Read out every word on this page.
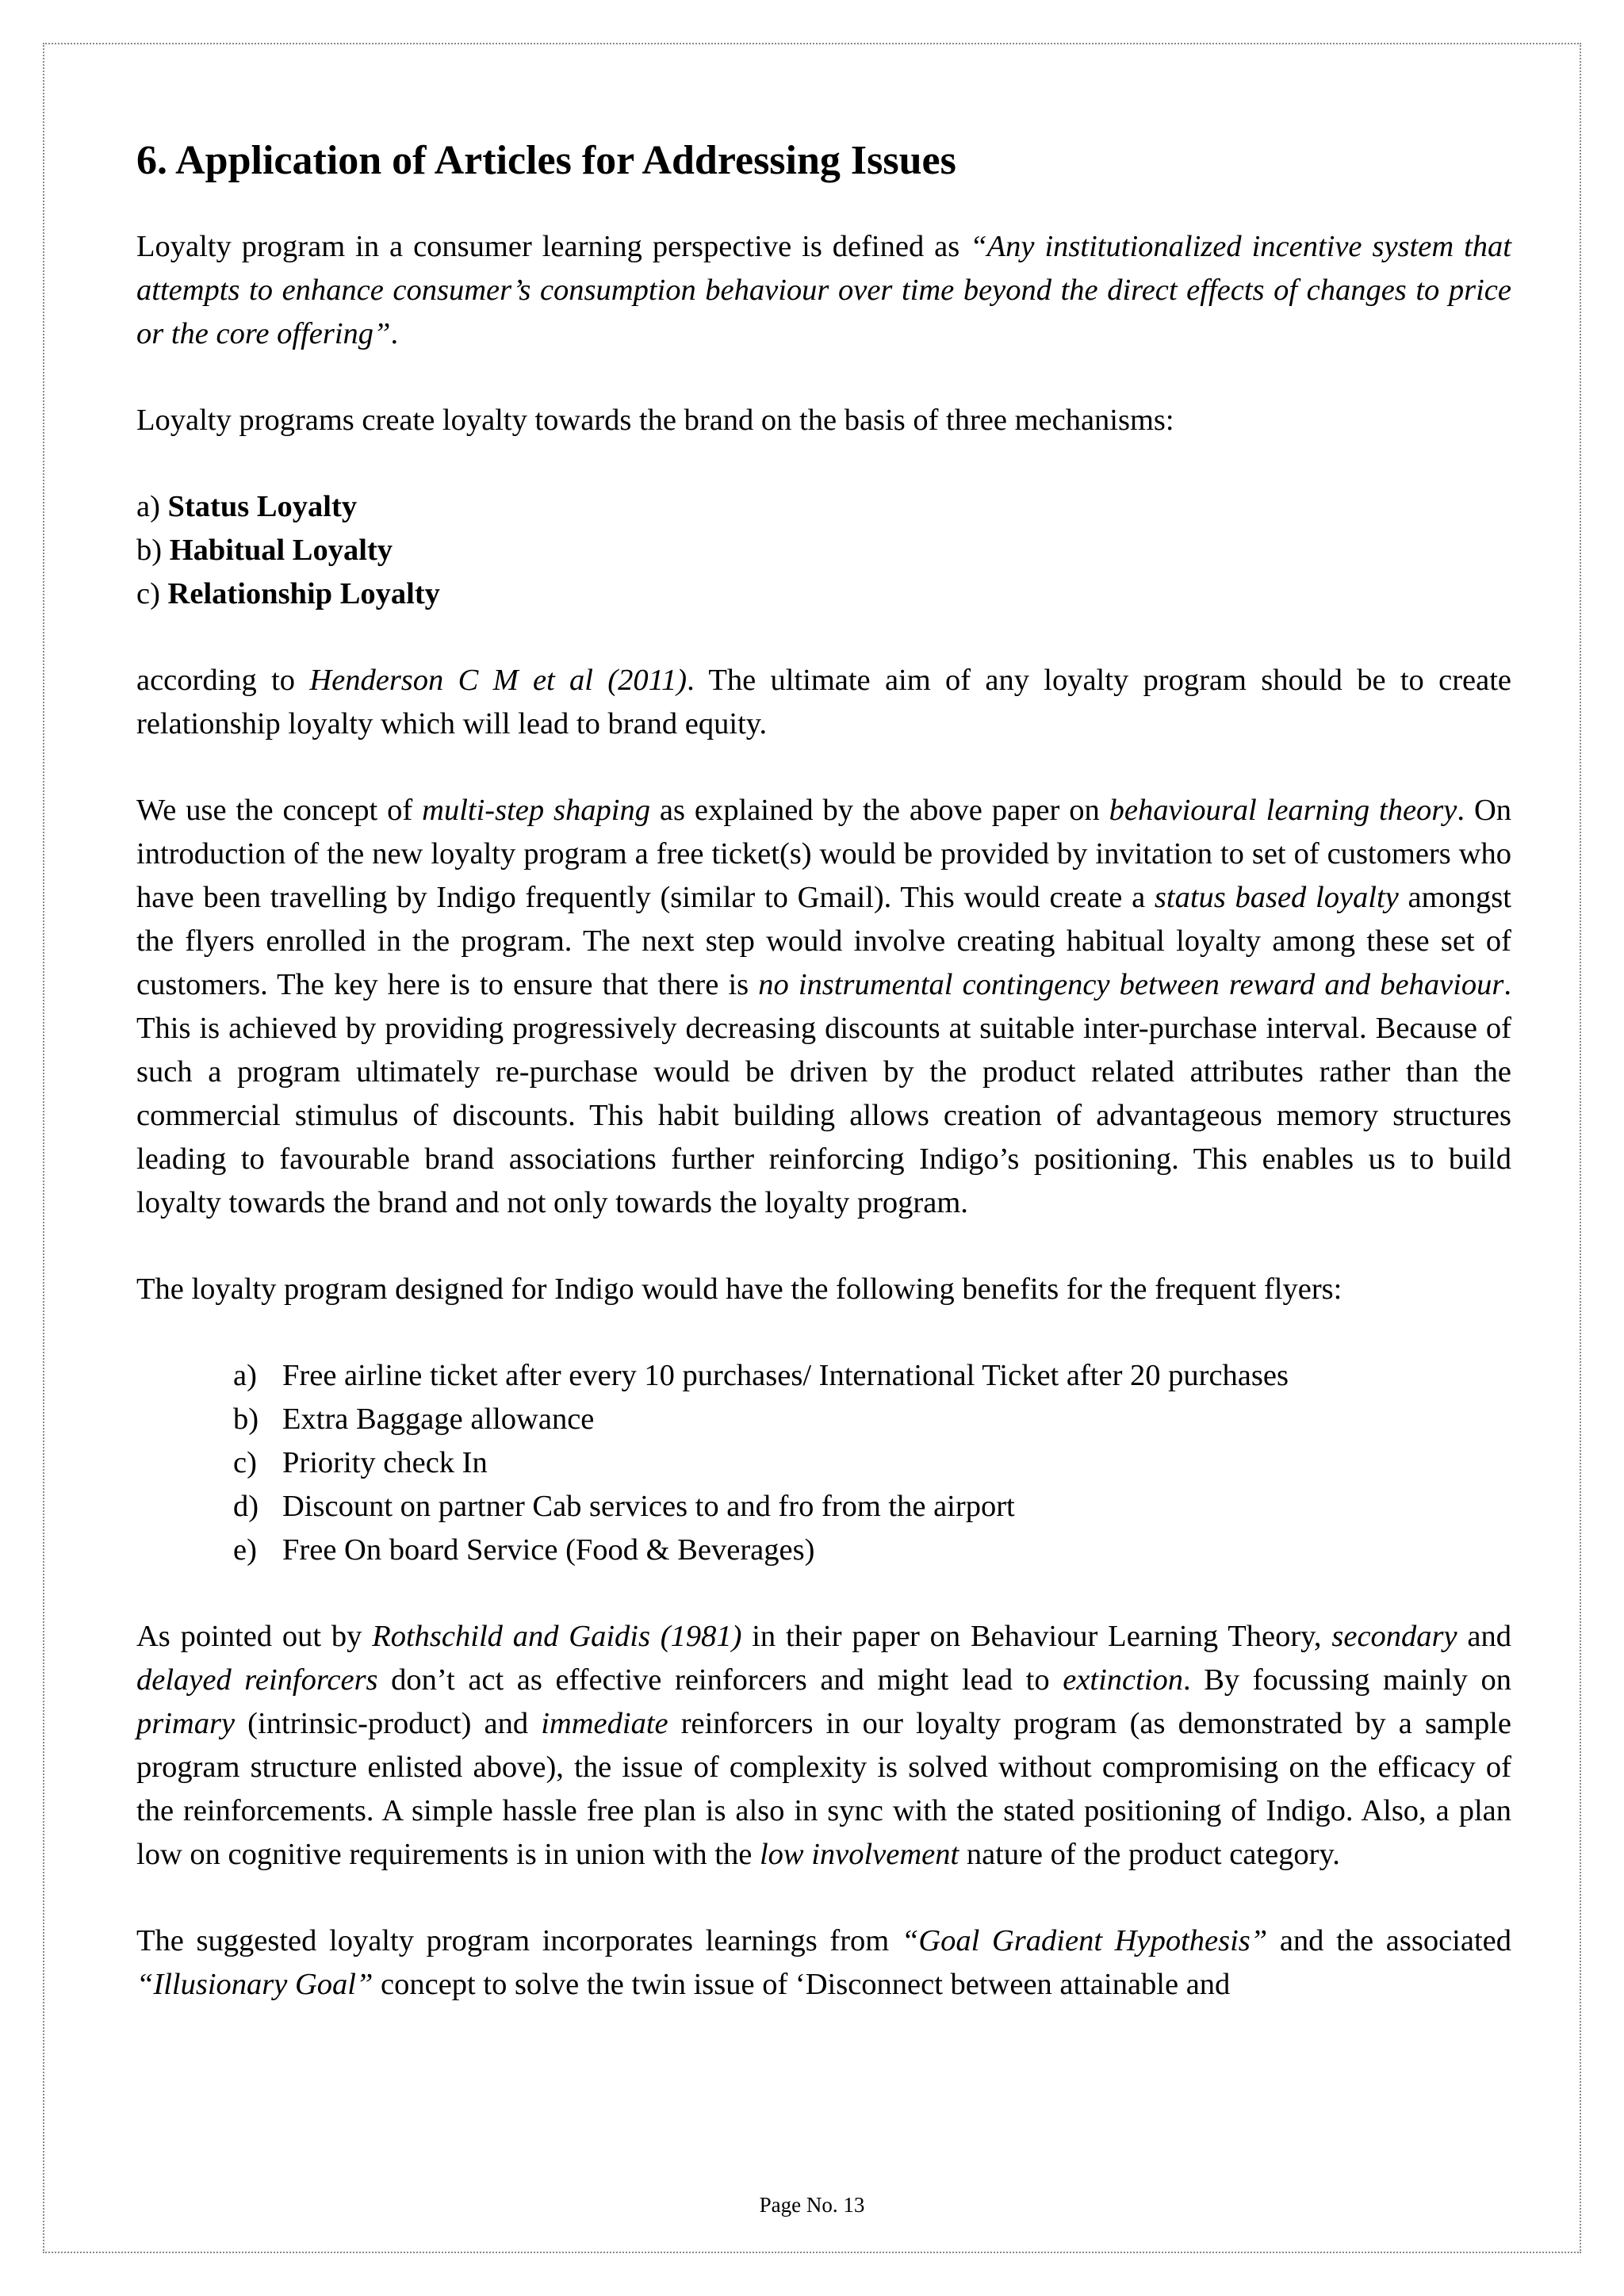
6. Application of Articles for Addressing Issues

Loyalty program in a consumer learning perspective is defined as “Any institutionalized incentive system that attempts to enhance consumer’s consumption behaviour over time beyond the direct effects of changes to price or the core offering”.

Loyalty programs create loyalty towards the brand on the basis of three mechanisms:

a) Status Loyalty
b) Habitual Loyalty
c) Relationship Loyalty

according to Henderson C M et al (2011). The ultimate aim of any loyalty program should be to create relationship loyalty which will lead to brand equity.

We use the concept of multi-step shaping as explained by the above paper on behavioural learning theory. On introduction of the new loyalty program a free ticket(s) would be provided by invitation to set of customers who have been travelling by Indigo frequently (similar to Gmail). This would create a status based loyalty amongst the flyers enrolled in the program. The next step would involve creating habitual loyalty among these set of customers. The key here is to ensure that there is no instrumental contingency between reward and behaviour. This is achieved by providing progressively decreasing discounts at suitable inter-purchase interval. Because of such a program ultimately re-purchase would be driven by the product related attributes rather than the commercial stimulus of discounts. This habit building allows creation of advantageous memory structures leading to favourable brand associations further reinforcing Indigo’s positioning. This enables us to build loyalty towards the brand and not only towards the loyalty program.

The loyalty program designed for Indigo would have the following benefits for the frequent flyers:

a) Free airline ticket after every 10 purchases/ International Ticket after 20 purchases
b) Extra Baggage allowance
c) Priority check In
d) Discount on partner Cab services to and fro from the airport
e) Free On board Service (Food & Beverages)

As pointed out by Rothschild and Gaidis (1981) in their paper on Behaviour Learning Theory, secondary and delayed reinforcers don’t act as effective reinforcers and might lead to extinction. By focussing mainly on primary (intrinsic-product) and immediate reinforcers in our loyalty program (as demonstrated by a sample program structure enlisted above), the issue of complexity is solved without compromising on the efficacy of the reinforcements. A simple hassle free plan is also in sync with the stated positioning of Indigo. Also, a plan low on cognitive requirements is in union with the low involvement nature of the product category.

The suggested loyalty program incorporates learnings from “Goal Gradient Hypothesis” and the associated “Illusionary Goal” concept to solve the twin issue of ‘Disconnect between attainable and

Page No. 13
